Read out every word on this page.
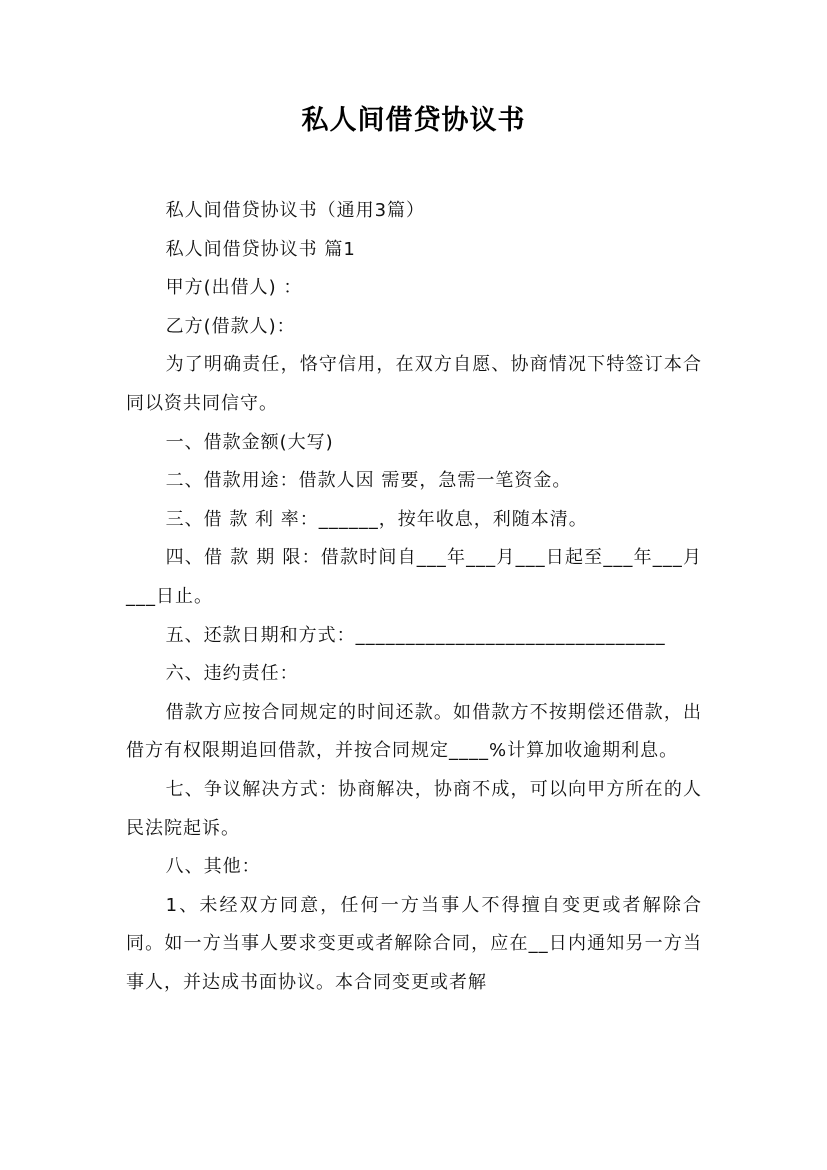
私人间借贷协议书

私人间借贷协议书（通用3篇）

私人间借贷协议书 篇1

甲方(出借人) ：

乙方(借款人)：

为了明确责任，恪守信用，在双方自愿、协商情况下特签订本合同以资共同信守。

一、借款金额(大写)

二、借款用途：借款人因 需要，急需一笔资金。

三、借 款 利 率：______，按年收息，利随本清。

四、借 款 期 限：借款时间自___年___月___日起至___年___月___日止。

五、还款日期和方式：_______________________________

六、违约责任：

借款方应按合同规定的时间还款。如借款方不按期偿还借款，出借方有权限期追回借款，并按合同规定____%计算加收逾期利息。

七、争议解决方式：协商解决，协商不成，可以向甲方所在的人民法院起诉。

八、其他：

1、未经双方同意，任何一方当事人不得擅自变更或者解除合同。如一方当事人要求变更或者解除合同，应在__日内通知另一方当事人，并达成书面协议。本合同变更或者解
